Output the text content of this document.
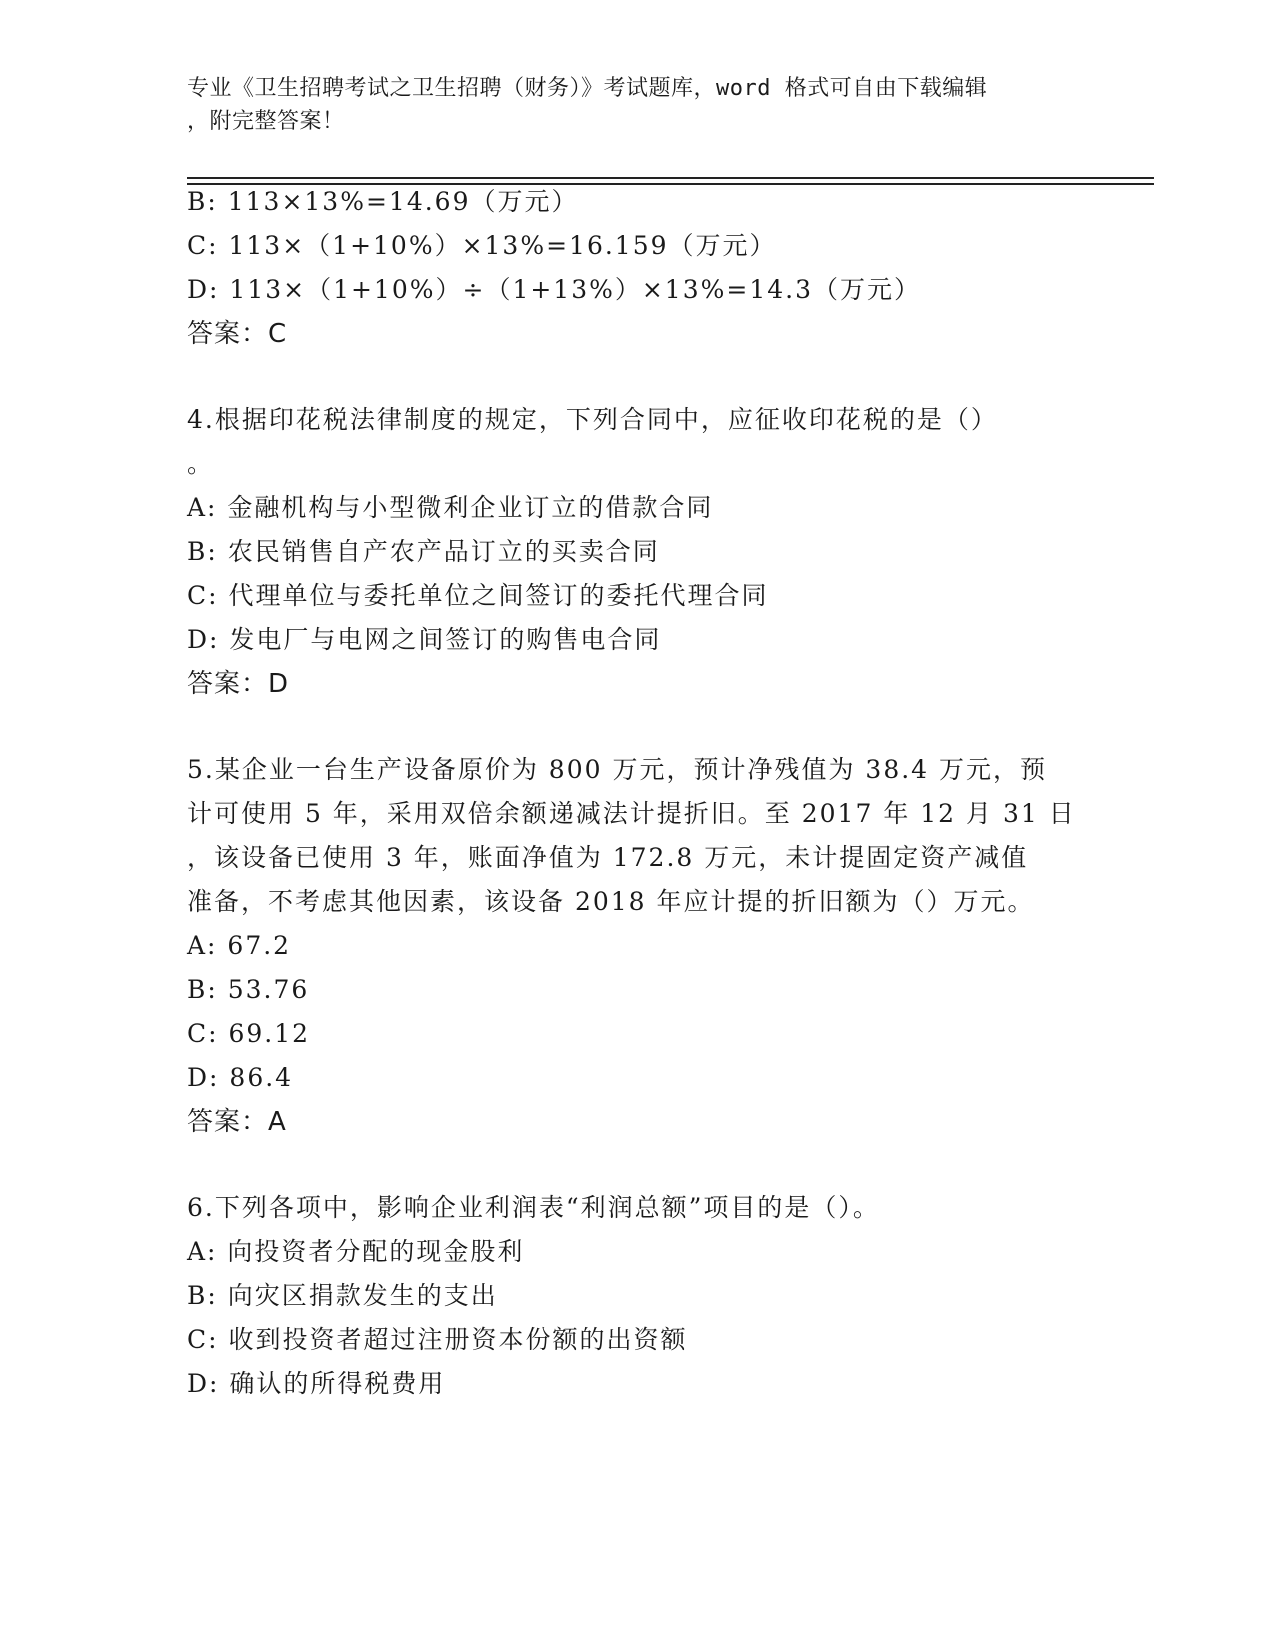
专业《卫生招聘考试之卫生招聘（财务）》考试题库，word 格式可自由下载编辑
，附完整答案！
B: 113×13%=14.69（万元）
C: 113×（1+10%）×13%=16.159（万元）
D: 113×（1+10%）÷（1+13%）×13%=14.3（万元）
答案：C
4.根据印花税法律制度的规定，下列合同中，应征收印花税的是（）
。
A: 金融机构与小型微利企业订立的借款合同
B: 农民销售自产农产品订立的买卖合同
C: 代理单位与委托单位之间签订的委托代理合同
D: 发电厂与电网之间签订的购售电合同
答案：D
5.某企业一台生产设备原价为 800 万元，预计净残值为 38.4 万元，预
计可使用 5 年，采用双倍余额递减法计提折旧。至 2017 年 12 月 31 日
，该设备已使用 3 年，账面净值为 172.8 万元，未计提固定资产减值
准备，不考虑其他因素，该设备 2018 年应计提的折旧额为（）万元。
A: 67.2
B: 53.76
C: 69.12
D: 86.4
答案：A
6.下列各项中，影响企业利润表“利润总额”项目的是（）。
A: 向投资者分配的现金股利
B: 向灾区捐款发生的支出
C: 收到投资者超过注册资本份额的出资额
D: 确认的所得税费用
